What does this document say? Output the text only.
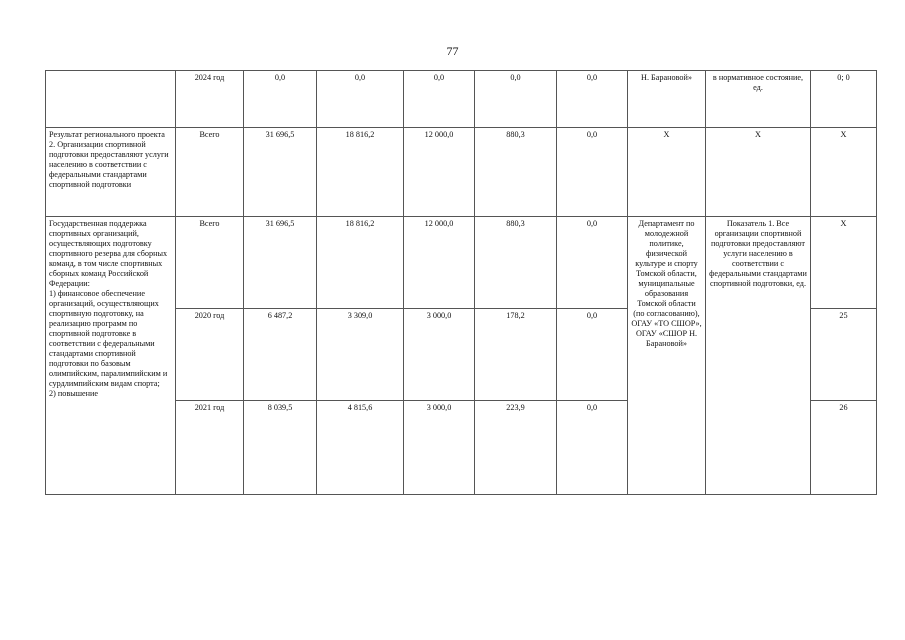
77
	2024 год	0,0	0,0	0,0	0,0	0,0	Н. Барановой»	в нормативное состояние, ед.	0; 0
Результат регионального проекта 2. Организации спортивной подготовки предоставляют услуги населению в соответствии с федеральными стандартами спортивной подготовки	Всего	31 696,5	18 816,2	12 000,0	880,3	0,0	Х	Х	Х
Государственная поддержка спортивных организаций, осуществляющих подготовку спортивного резерва для сборных команд, в том числе спортивных сборных команд Российской Федерации:
1) финансовое обеспечение организаций, осуществляющих спортивную подготовку, на реализацию программ по спортивной подготовке в соответствии с федеральными стандартами спортивной подготовки по базовым олимпийским, паралимпийским и сурдлимпийским видам спорта;
2) повышение	Всего	31 696,5	18 816,2	12 000,0	880,3	0,0	Департамент по молодежной политике, физической культуре и спорту Томской области, муниципальные образования Томской области (по согласованию), ОГАУ «ТО СШОР», ОГАУ «СШОР Н. Барановой»	Показатель 1. Все организации спортивной подготовки предоставляют услуги населению в соответствии с федеральными стандартами спортивной подготовки, ед.	Х
	2020 год	6 487,2	3 309,0	3 000,0	178,2	0,0			25
	2021 год	8 039,5	4 815,6	3 000,0	223,9	0,0			26
